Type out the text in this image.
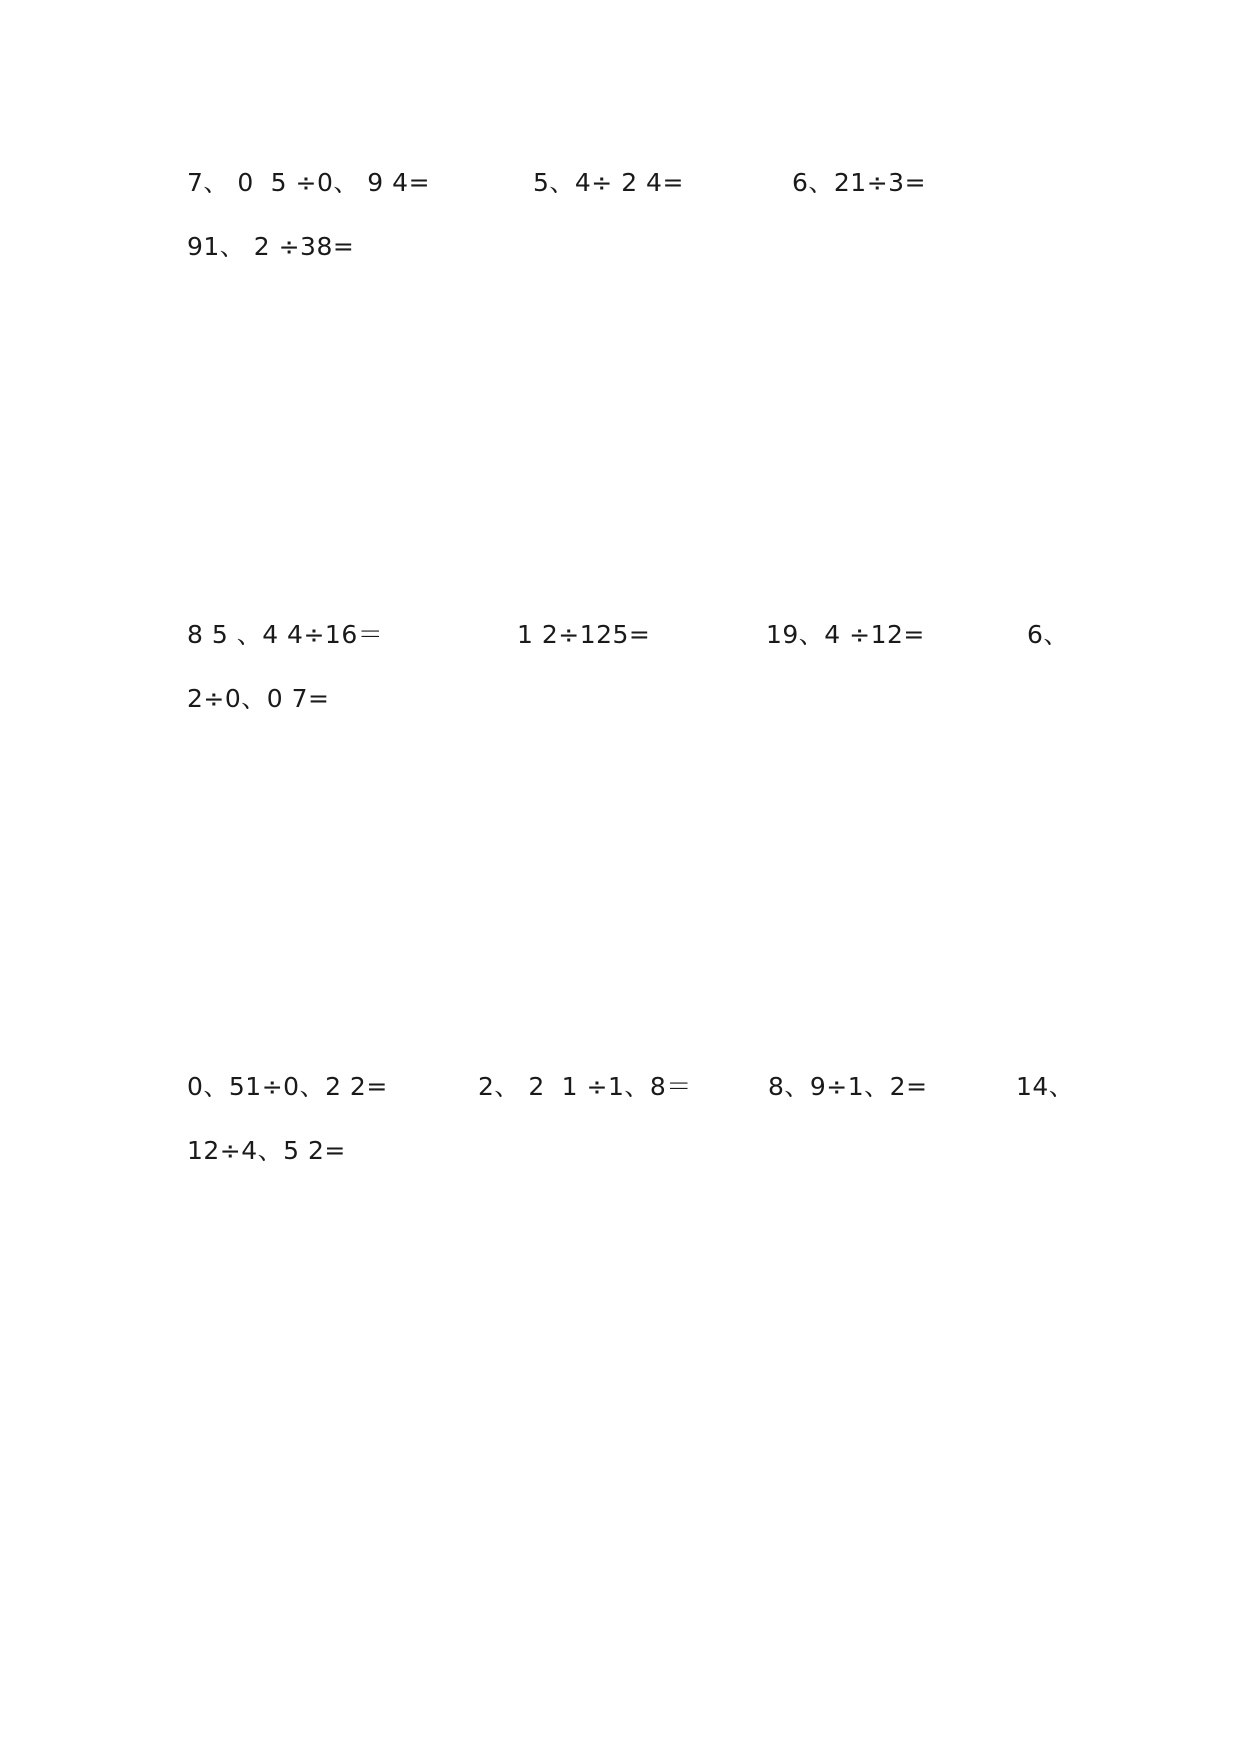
7、 0  5 ÷0、 9 4=	5、4÷ 2 4=	6、21÷3=
91、 2 ÷38=
8 5 、4 4÷16＝	1 2÷125=	19、4 ÷12=	6、
2÷0、0 7=
0、51÷0、2 2=	2、 2  1 ÷1、8＝	8、9÷1、2=	14、
12÷4、5 2=
